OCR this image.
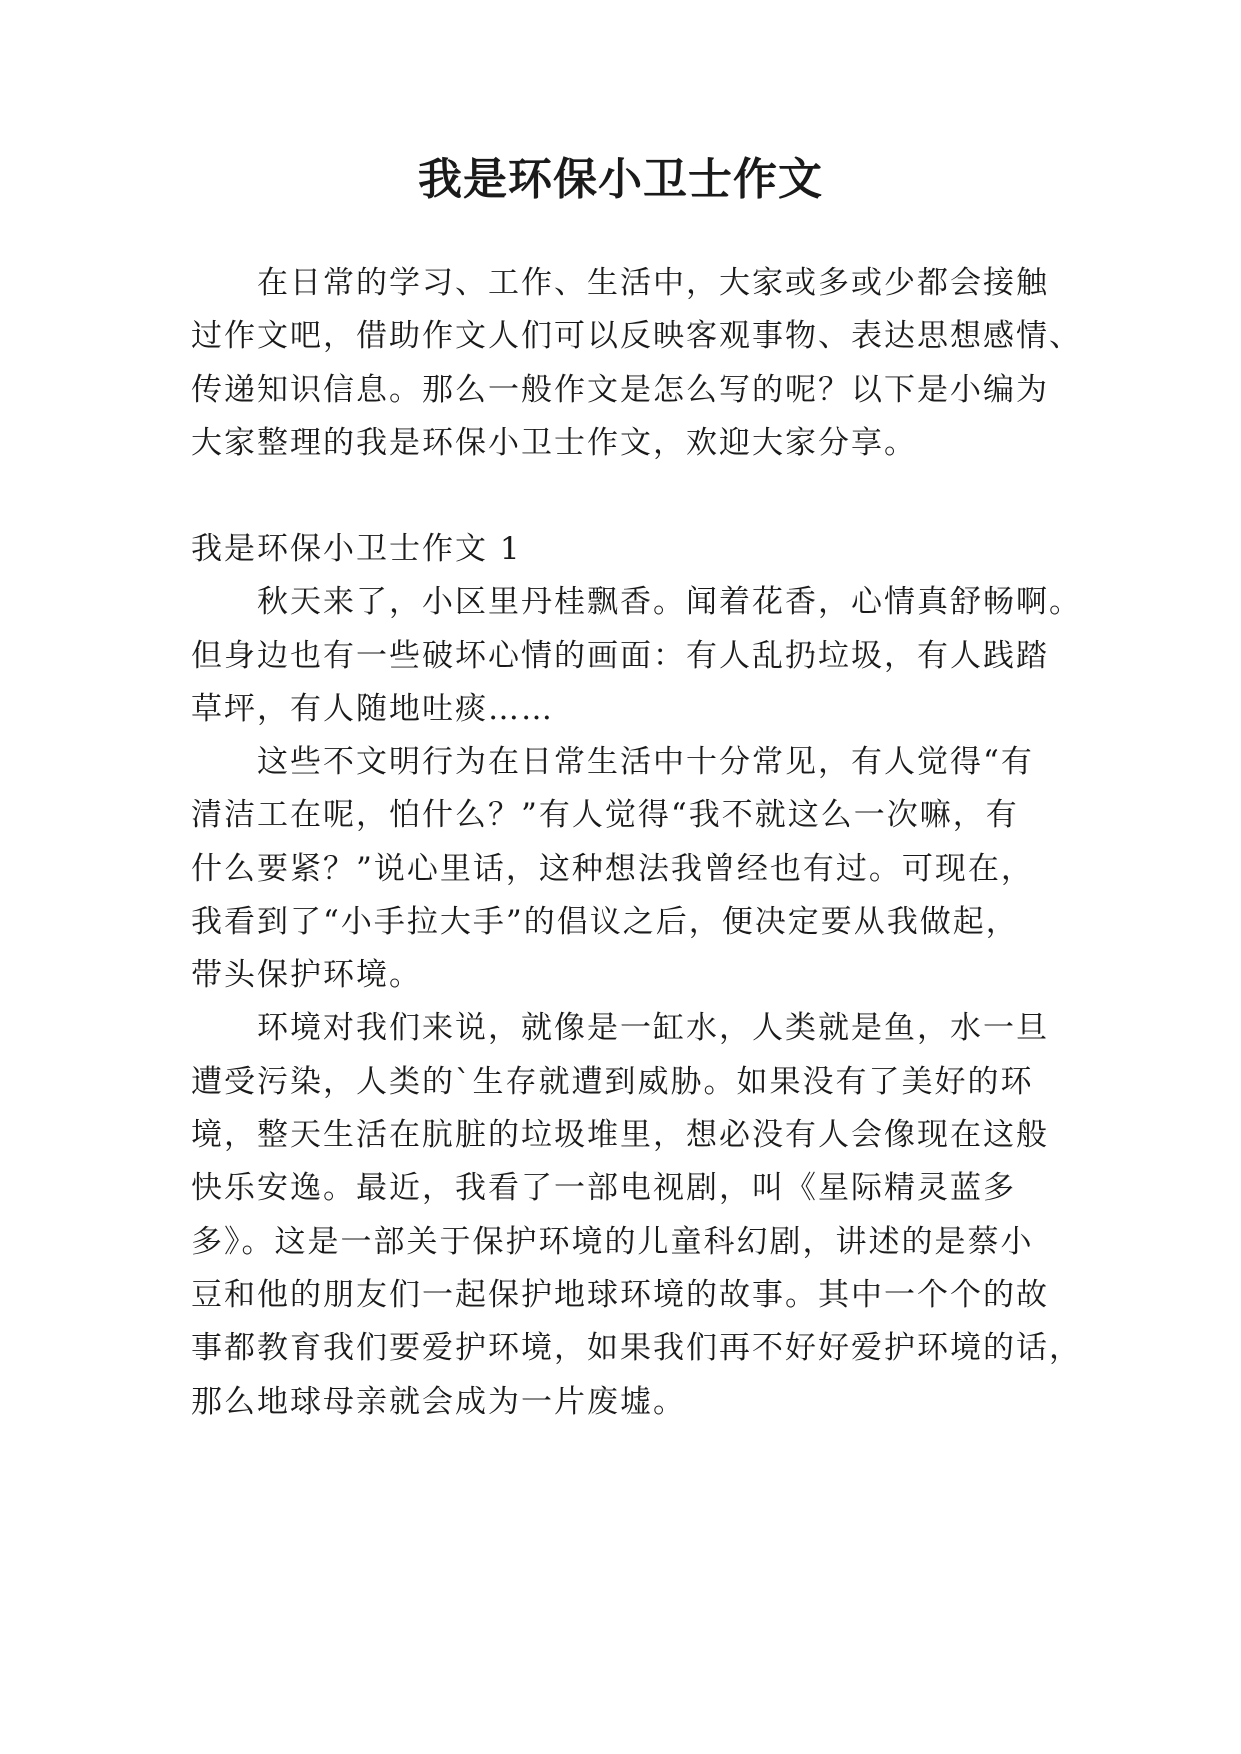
我是环保小卫士作文
在日常的学习、工作、生活中，大家或多或少都会接触
过作文吧，借助作文人们可以反映客观事物、表达思想感情、
传递知识信息。那么一般作文是怎么写的呢？以下是小编为
大家整理的我是环保小卫士作文，欢迎大家分享。
我是环保小卫士作文 1
秋天来了，小区里丹桂飘香。闻着花香，心情真舒畅啊。
但身边也有一些破坏心情的画面：有人乱扔垃圾，有人践踏
草坪，有人随地吐痰……
这些不文明行为在日常生活中十分常见，有人觉得“有
清洁工在呢，怕什么？”有人觉得“我不就这么一次嘛，有
什么要紧？”说心里话，这种想法我曾经也有过。可现在，
我看到了“小手拉大手”的倡议之后，便决定要从我做起，
带头保护环境。
环境对我们来说，就像是一缸水，人类就是鱼，水一旦
遭受污染，人类的`生存就遭到威胁。如果没有了美好的环
境，整天生活在肮脏的垃圾堆里，想必没有人会像现在这般
快乐安逸。最近，我看了一部电视剧，叫《星际精灵蓝多
多》。这是一部关于保护环境的儿童科幻剧，讲述的是蔡小
豆和他的朋友们一起保护地球环境的故事。其中一个个的故
事都教育我们要爱护环境，如果我们再不好好爱护环境的话，
那么地球母亲就会成为一片废墟。
